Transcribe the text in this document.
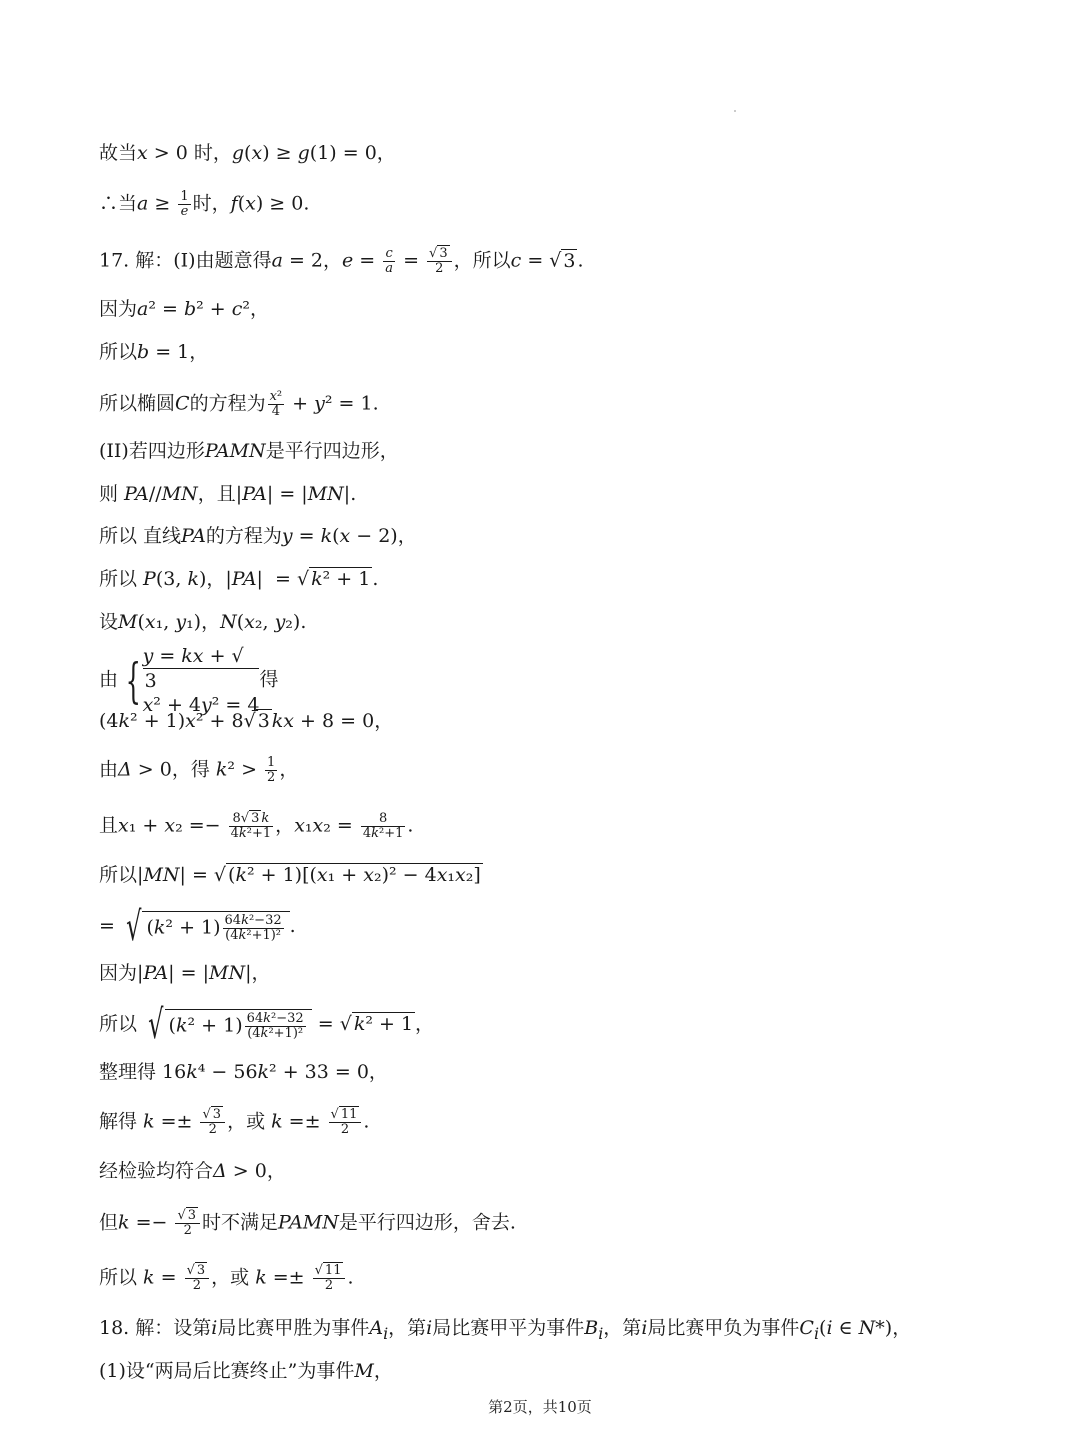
故当x > 0 时，g(x) ≥ g(1) = 0，
∴当$a \ge \frac{1}{e}$ 时，f(x) ≥ 0.
17. 解：(I)由题意得a = 2，$e = \frac{c}{a} = \frac{√ 3}{2}$ ，所以c = √ 3 .
因为a² = b² + c²，
所以b = 1，
所以椭圆C的方程为 $\frac{\text{x²}}{4} + y^2 = 1$.
(II)若四边形PAMN是平行四边形，
则 PA//MN，且|PA| = |MN|.
所以 直线PA的方程为y = k(x − 2)，
所以 P(3, k)，|PA|  = √ k² + 1 .
设M(x₁, y₁)，N(x₂, y₂).
由 { y = kx + √
3
x² + 4y² = 4
得
(4k² + 1)x² + 8√ 3 kx + 8 = 0，
由Δ > 0，得 $k^2 > \frac{1}{2}$ ，
且$x_1 + x_2 =- \frac{8√ 3 k}{\text{4k²+1}}$ ，$x_1x_2 = \frac{8}{\text{4k²+1}}$ .
所以|MN| = √ (k² + 1)[(x₁ + x₂)² − 4x₁x₂]
= √ $(k^2 + 1) \frac{\text{64k²−32}}{\text{(4k²+1)²}}$ .
因为|PA| = |MN|，
所以 √ $(k^2 + 1) \frac{\text{64k²−32}}{\text{(4k²+1)²}}$ = √ k² + 1 ，
整理得 16k⁴ − 56k² + 33 = 0，
解得 $k =\pm \frac{√ 3}{2}$ ，或 $k =\pm \frac{√ 11}{2}$ .
经检验均符合Δ > 0，
但$k =- \frac{√ 3}{2}$ 时不满足PAMN是平行四边形，舍去.
所以 $k = \frac{√ 3}{2}$ ，或 $k =\pm \frac{√ 11}{2}$ .
18. 解：设第i局比赛甲胜为事件$A_i$，第i局比赛甲平为事件$B_i$，第i局比赛甲负为事件$C_i(i$ ∈ N*)，
(1)设“两局后比赛终止”为事件M，
第2页，共10页
